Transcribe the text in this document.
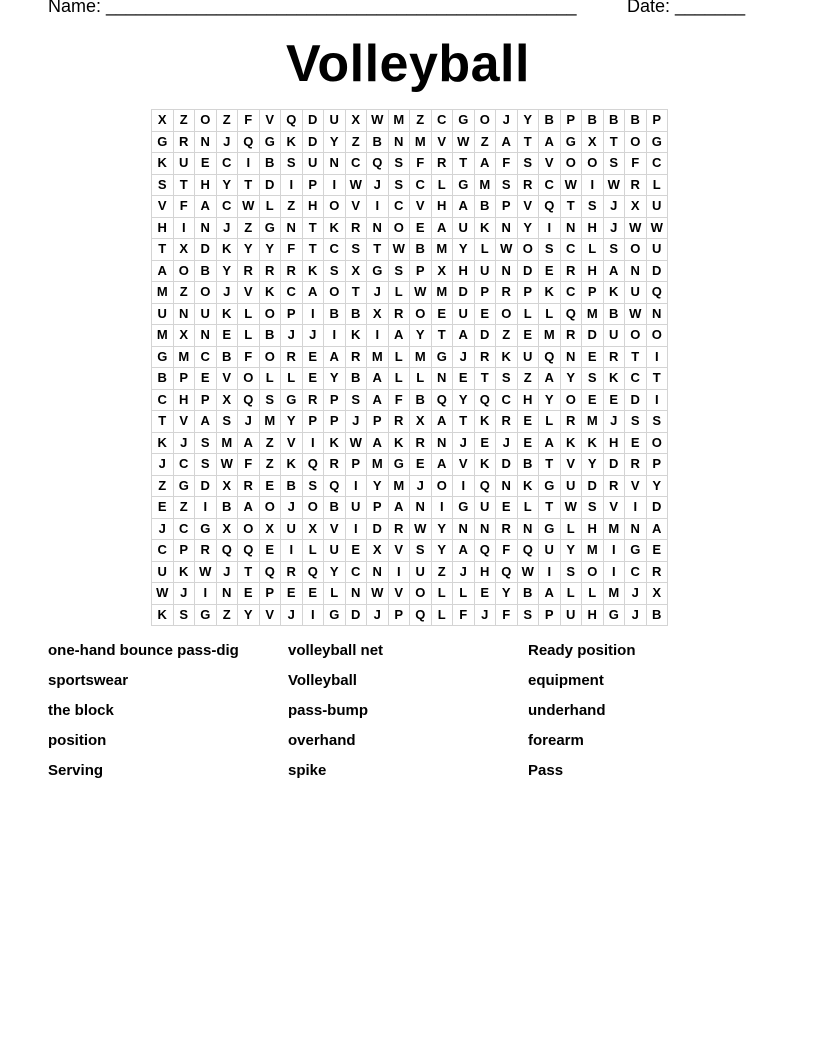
Name: _______________________________________________	Date: _______
Volleyball
X	Z	O	Z	F	V	Q	D	U	X	W	M	Z	C	G	O	J	Y	B	P	B	B	B	P
G	R	N	J	Q	G	K	D	Y	Z	B	N	M	V	W	Z	A	T	A	G	X	T	O	G
K	U	E	C	I	B	S	U	N	C	Q	S	F	R	T	A	F	S	V	O	O	S	F	C
S	T	H	Y	T	D	I	P	I	W	J	S	C	L	G	M	S	R	C	W	I	W	R	L
V	F	A	C	W	L	Z	H	O	V	I	C	V	H	A	B	P	V	Q	T	S	J	X	U
H	I	N	J	Z	G	N	T	K	R	N	O	E	A	U	K	N	Y	I	N	H	J	W	W
T	X	D	K	Y	Y	F	T	C	S	T	W	B	M	Y	L	W	O	S	C	L	S	O	U
A	O	B	Y	R	R	R	K	S	X	G	S	P	X	H	U	N	D	E	R	H	A	N	D
M	Z	O	J	V	K	C	A	O	T	J	L	W	M	D	P	R	P	K	C	P	K	U	Q
U	N	U	K	L	O	P	I	B	B	X	R	O	E	U	E	O	L	L	Q	M	B	W	N
M	X	N	E	L	B	J	J	I	K	I	A	Y	T	A	D	Z	E	M	R	D	U	O	O
G	M	C	B	F	O	R	E	A	R	M	L	M	G	J	R	K	U	Q	N	E	R	T	I
B	P	E	V	O	L	L	E	Y	B	A	L	L	N	E	T	S	Z	A	Y	S	K	C	T
C	H	P	X	Q	S	G	R	P	S	A	F	B	Q	Y	Q	C	H	Y	O	E	E	D	I
T	V	A	S	J	M	Y	P	P	J	P	R	X	A	T	K	R	E	L	R	M	J	S	S
K	J	S	M	A	Z	V	I	K	W	A	K	R	N	J	E	J	E	A	K	K	H	E	O
J	C	S	W	F	Z	K	Q	R	P	M	G	E	A	V	K	D	B	T	V	Y	D	R	P
Z	G	D	X	R	E	B	S	Q	I	Y	M	J	O	I	Q	N	K	G	U	D	R	V	Y
E	Z	I	B	A	O	J	O	B	U	P	A	N	I	G	U	E	L	T	W	S	V	I	D
J	C	G	X	O	X	U	X	V	I	D	R	W	Y	N	N	R	N	G	L	H	M	N	A
C	P	R	Q	Q	E	I	L	U	E	X	V	S	Y	A	Q	F	Q	U	Y	M	I	G	E
U	K	W	J	T	Q	R	Q	Y	C	N	I	U	Z	J	H	Q	W	I	S	O	I	C	R
W	J	I	N	E	P	E	E	L	N	W	V	O	L	L	E	Y	B	A	L	L	M	J	X
K	S	G	Z	Y	V	J	I	G	D	J	P	Q	L	F	J	F	S	P	U	H	G	J	B
one-hand bounce pass-dig	volleyball net	Ready position
sportswear	Volleyball	equipment
the block	pass-bump	underhand
position	overhand	forearm
Serving	spike	Pass
